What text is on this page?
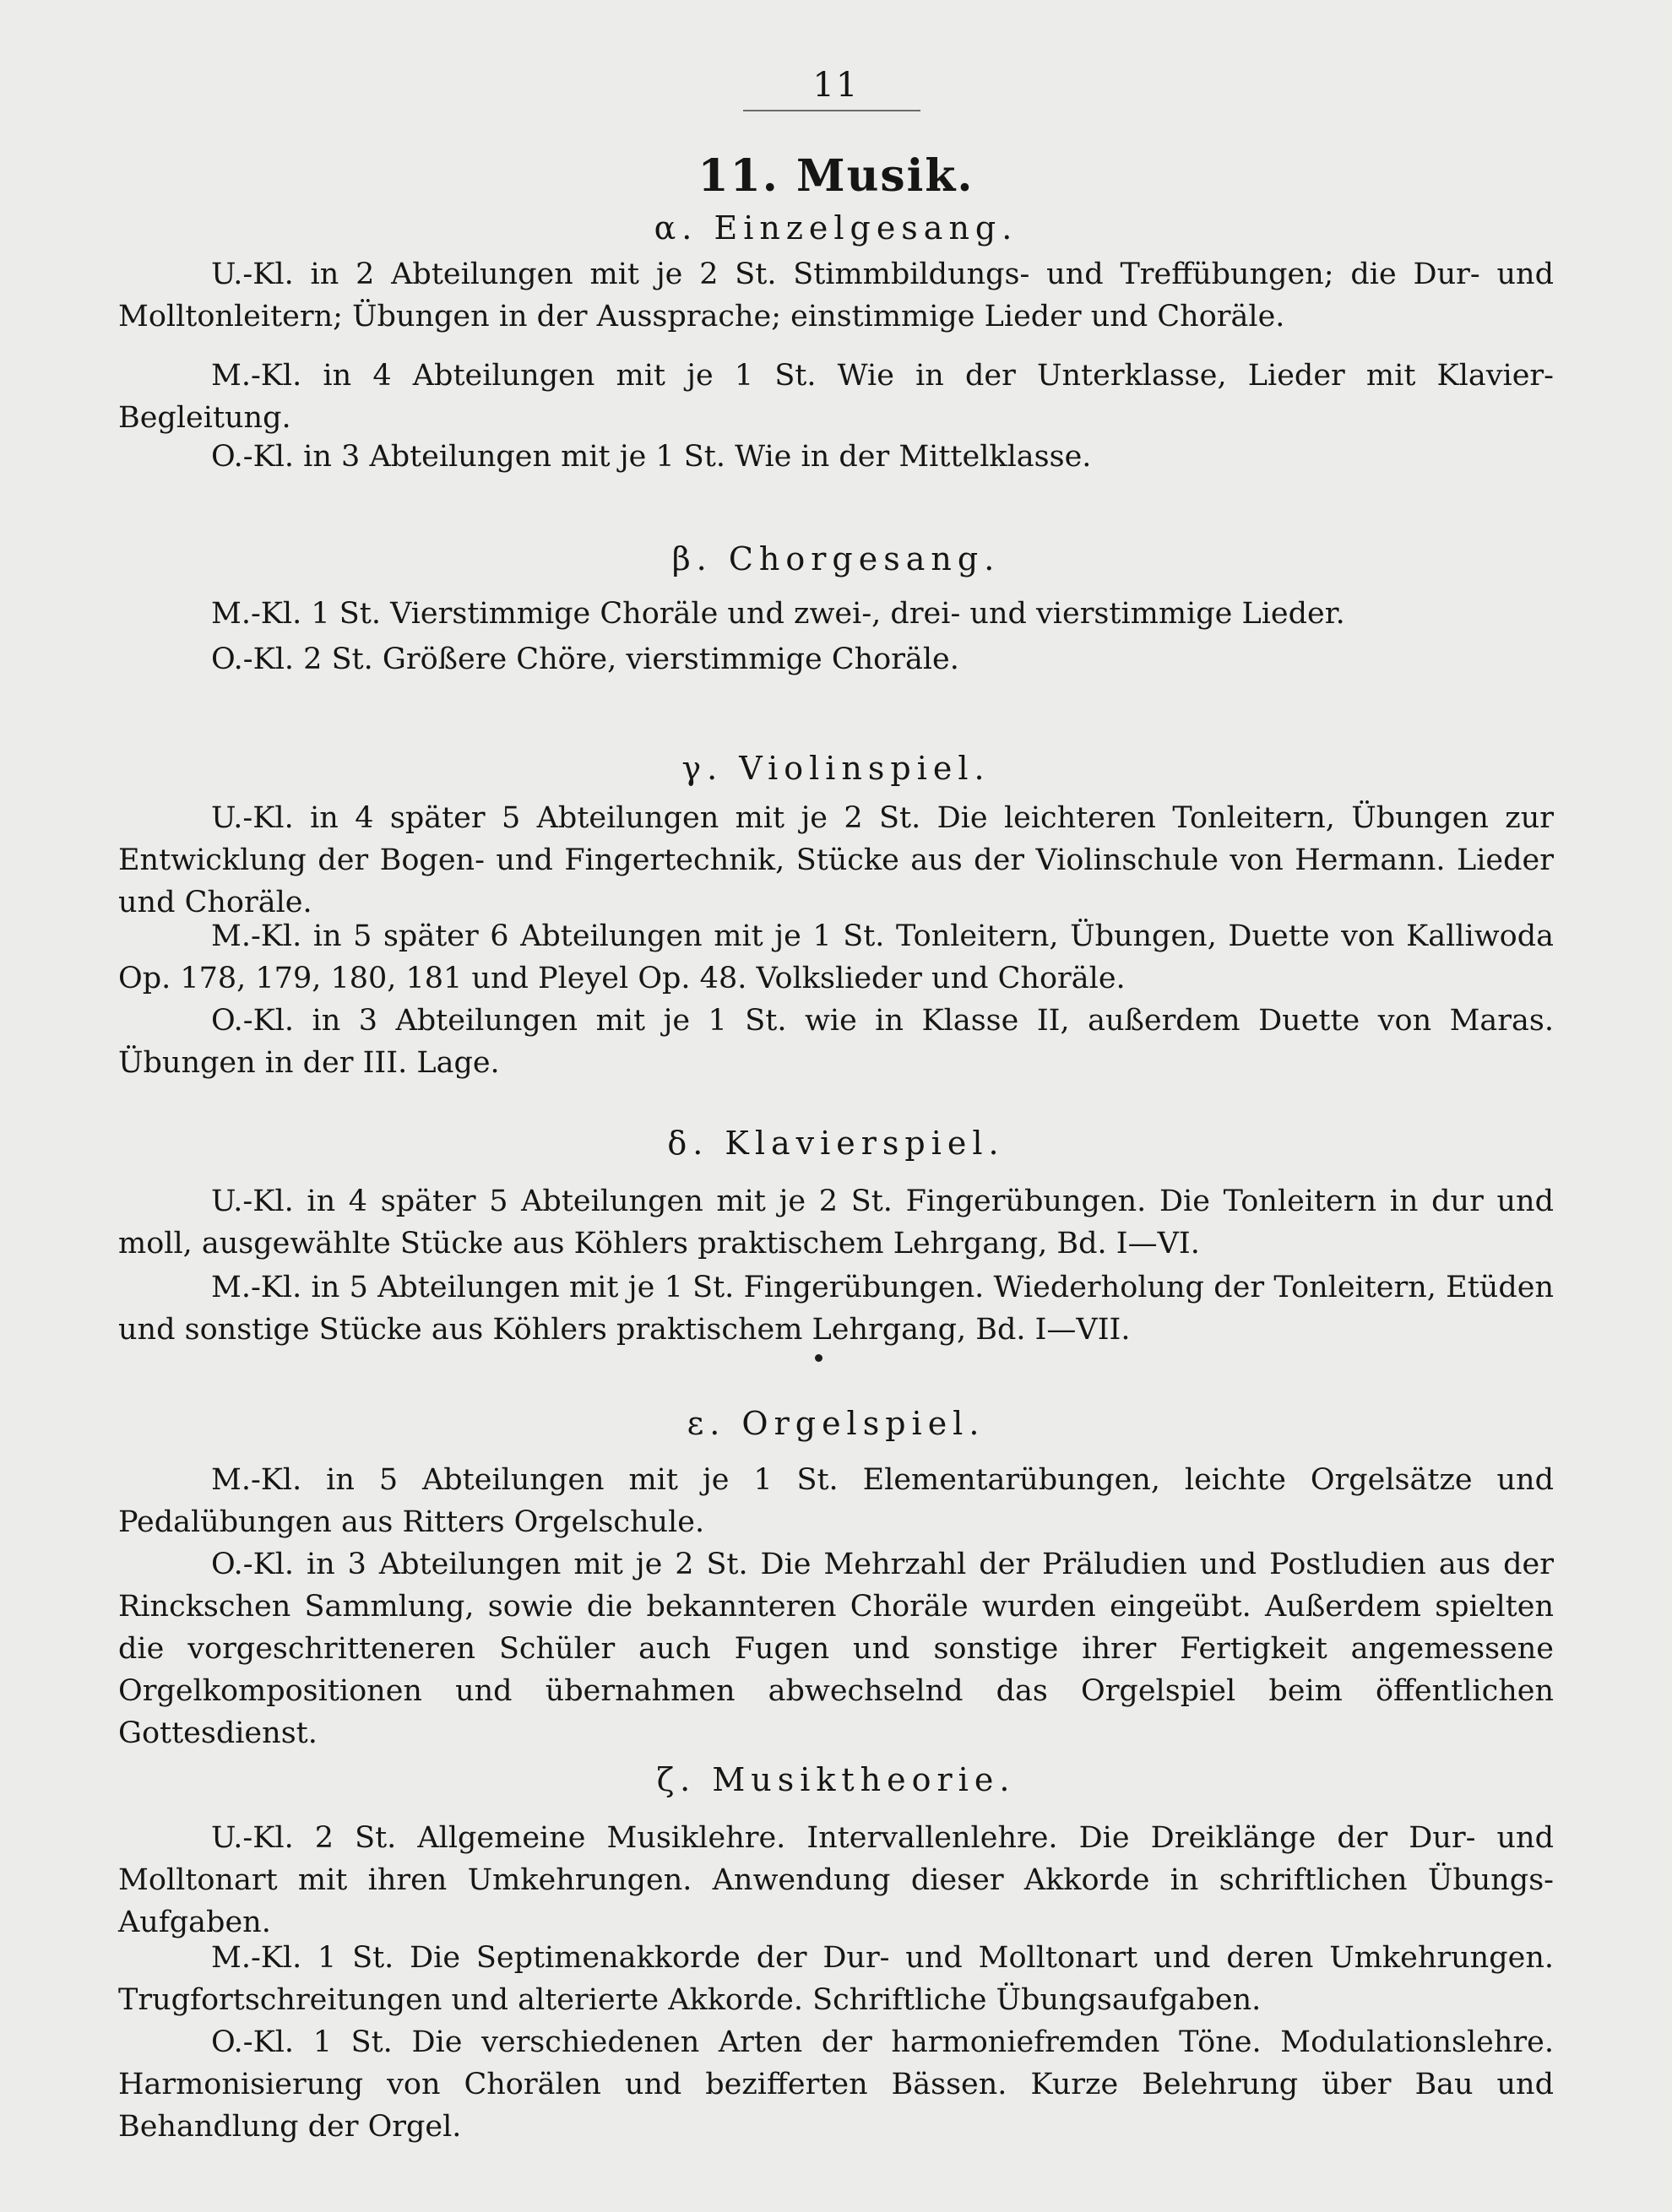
11
11. Musik.
α. Einzelgesang.

U.-Kl. in 2 Abteilungen mit je 2 St. Stimmbildungs- und Treffübungen; die Dur- und Molltonleitern; Übungen in der Aussprache; einstimmige Lieder und Choräle.

M.-Kl. in 4 Abteilungen mit je 1 St. Wie in der Unterklasse, Lieder mit Klavier-Begleitung.

O.-Kl. in 3 Abteilungen mit je 1 St. Wie in der Mittelklasse.

β. Chorgesang.

M.-Kl. 1 St. Vierstimmige Choräle und zwei-, drei- und vierstimmige Lieder.

O.-Kl. 2 St. Größere Chöre, vierstimmige Choräle.

γ. Violinspiel.

U.-Kl. in 4 später 5 Abteilungen mit je 2 St. Die leichteren Tonleitern, Übungen zur Entwicklung der Bogen- und Fingertechnik, Stücke aus der Violinschule von Hermann. Lieder und Choräle.

M.-Kl. in 5 später 6 Abteilungen mit je 1 St. Tonleitern, Übungen, Duette von Kalliwoda Op. 178, 179, 180, 181 und Pleyel Op. 48. Volkslieder und Choräle.

O.-Kl. in 3 Abteilungen mit je 1 St. wie in Klasse II, außerdem Duette von Maras. Übungen in der III. Lage.

δ. Klavierspiel.

U.-Kl. in 4 später 5 Abteilungen mit je 2 St. Fingerübungen. Die Tonleitern in dur und moll, ausgewählte Stücke aus Köhlers praktischem Lehrgang, Bd. I—VI.

M.-Kl. in 5 Abteilungen mit je 1 St. Fingerübungen. Wiederholung der Tonleitern, Etüden und sonstige Stücke aus Köhlers praktischem Lehrgang, Bd. I—VII.

ε. Orgelspiel.

M.-Kl. in 5 Abteilungen mit je 1 St. Elementarübungen, leichte Orgelsätze und Pedalübungen aus Ritters Orgelschule.

O.-Kl. in 3 Abteilungen mit je 2 St. Die Mehrzahl der Präludien und Postludien aus der Rinckschen Sammlung, sowie die bekannteren Choräle wurden eingeübt. Außerdem spielten die vorgeschritteneren Schüler auch Fugen und sonstige ihrer Fertigkeit angemessene Orgelkompositionen und übernahmen abwechselnd das Orgelspiel beim öffentlichen Gottesdienst.

ζ. Musiktheorie.

U.-Kl. 2 St. Allgemeine Musiklehre. Intervallenlehre. Die Dreiklänge der Dur- und Molltonart mit ihren Umkehrungen. Anwendung dieser Akkorde in schriftlichen Übungs-Aufgaben.

M.-Kl. 1 St. Die Septimenakkorde der Dur- und Molltonart und deren Umkehrungen. Trugfortschreitungen und alterierte Akkorde. Schriftliche Übungsaufgaben.

O.-Kl. 1 St. Die verschiedenen Arten der harmoniefremden Töne. Modulationslehre. Harmonisierung von Chorälen und bezifferten Bässen. Kurze Belehrung über Bau und Behandlung der Orgel.
